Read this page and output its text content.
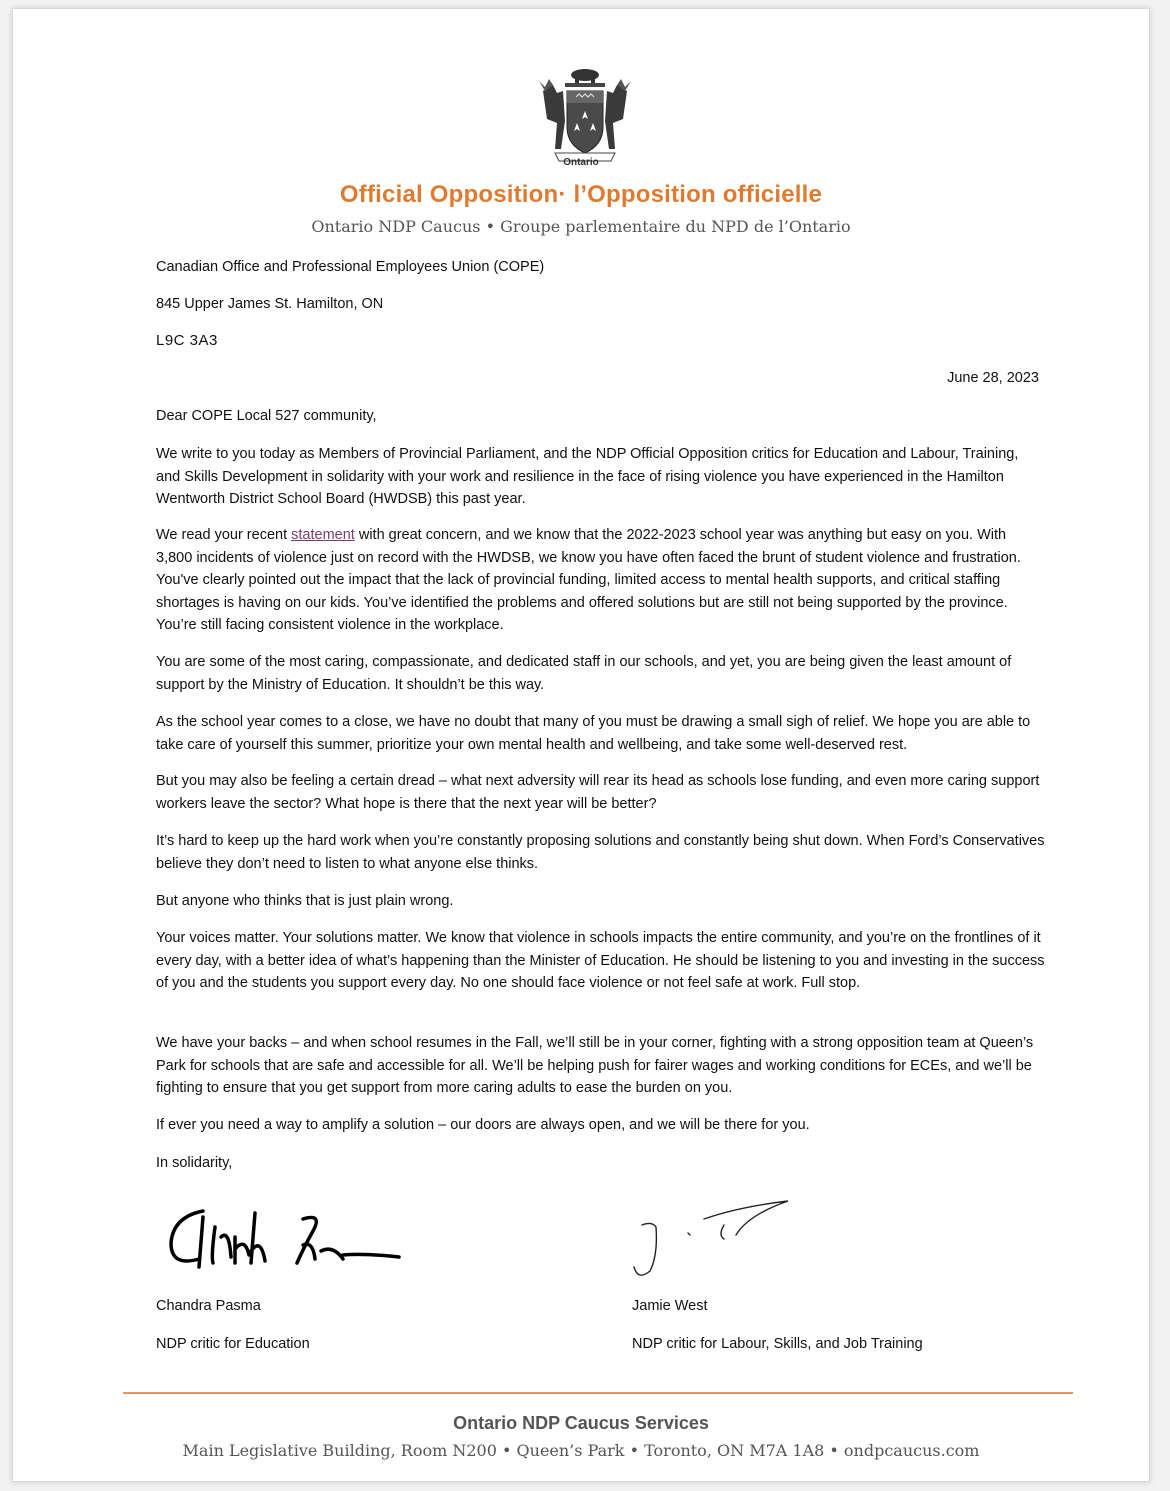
Ontario
Official Opposition· l’Opposition officielle
Ontario NDP Caucus • Groupe parlementaire du NPD de l’Ontario
Canadian Office and Professional Employees Union (COPE)
845 Upper James St. Hamilton, ON
L9C 3A3
June 28, 2023
Dear COPE Local 527 community,
We write to you today as Members of Provincial Parliament, and the NDP Official Opposition critics for Education and Labour, Training, and Skills Development in solidarity with your work and resilience in the face of rising violence you have experienced in the Hamilton Wentworth District School Board (HWDSB) this past year.
We read your recent statement with great concern, and we know that the 2022-2023 school year was anything but easy on you. With 3,800 incidents of violence just on record with the HWDSB, we know you have often faced the brunt of student violence and frustration. You've clearly pointed out the impact that the lack of provincial funding, limited access to mental health supports, and critical staffing shortages is having on our kids. You’ve identified the problems and offered solutions but are still not being supported by the province. You’re still facing consistent violence in the workplace.
You are some of the most caring, compassionate, and dedicated staff in our schools, and yet, you are being given the least amount of support by the Ministry of Education. It shouldn’t be this way.
As the school year comes to a close, we have no doubt that many of you must be drawing a small sigh of relief. We hope you are able to take care of yourself this summer, prioritize your own mental health and wellbeing, and take some well-deserved rest.
But you may also be feeling a certain dread – what next adversity will rear its head as schools lose funding, and even more caring support workers leave the sector? What hope is there that the next year will be better?
It’s hard to keep up the hard work when you’re constantly proposing solutions and constantly being shut down. When Ford’s Conservatives believe they don’t need to listen to what anyone else thinks.
But anyone who thinks that is just plain wrong.
Your voices matter. Your solutions matter. We know that violence in schools impacts the entire community, and you’re on the frontlines of it every day, with a better idea of what’s happening than the Minister of Education. He should be listening to you and investing in the success of you and the students you support every day. No one should face violence or not feel safe at work. Full stop.
We have your backs – and when school resumes in the Fall, we’ll still be in your corner, fighting with a strong opposition team at Queen’s Park for schools that are safe and accessible for all. We’ll be helping push for fairer wages and working conditions for ECEs, and we’ll be fighting to ensure that you get support from more caring adults to ease the burden on you.
If ever you need a way to amplify a solution – our doors are always open, and we will be there for you.
In solidarity,
Chandra Pasma
NDP critic for Education
Jamie West
NDP critic for Labour, Skills, and Job Training
Ontario NDP Caucus Services
Main Legislative Building, Room N200 • Queen’s Park • Toronto, ON M7A 1A8 • ondpcaucus.com
